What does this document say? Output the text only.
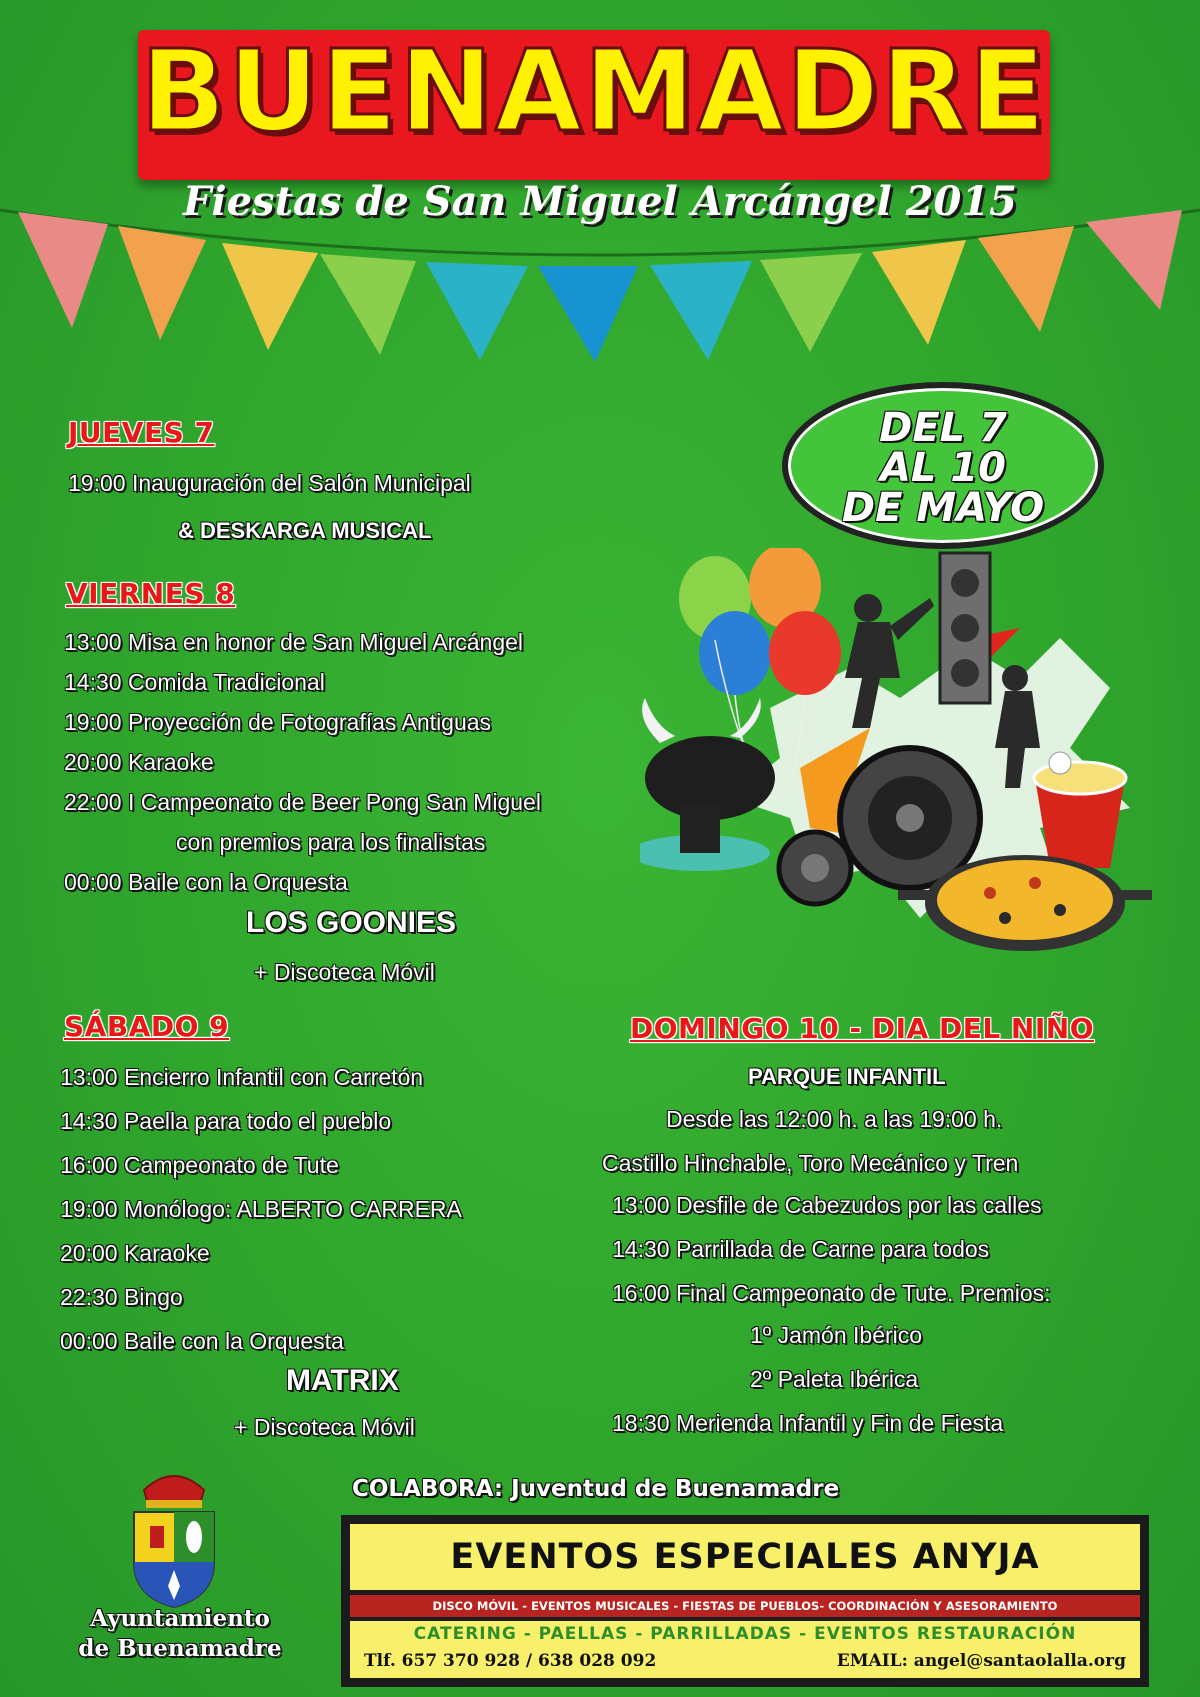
BUENAMADRE
Fiestas de San Miguel Arcángel 2015
DEL 7
AL 10
DE MAYO
JUEVES 7
19:00 Inauguración del Salón Municipal
& DESKARGA MUSICAL
VIERNES 8
13:00 Misa en honor de San Miguel Arcángel
14:30 Comida Tradicional
19:00 Proyección de Fotografías Antiguas
20:00 Karaoke
22:00 I Campeonato de Beer Pong San Miguel
con premios para los finalistas
00:00 Baile con la Orquesta
LOS GOONIES
+ Discoteca Móvil
SÁBADO 9
13:00 Encierro Infantil con Carretón
14:30 Paella para todo el pueblo
16:00 Campeonato de Tute
19:00 Monólogo: ALBERTO CARRERA
20:00 Karaoke
22:30 Bingo
00:00 Baile con la Orquesta
MATRIX
+ Discoteca Móvil
DOMINGO 10 - DIA DEL NIÑO
PARQUE INFANTIL
Desde las 12:00 h. a las 19:00 h.
Castillo Hinchable, Toro Mecánico y Tren
13:00 Desfile de Cabezudos por las calles
14:30 Parrillada de Carne para todos
16:00 Final Campeonato de Tute. Premios:
1º Jamón Ibérico
2º Paleta Ibérica
18:30 Merienda Infantil y Fin de Fiesta
COLABORA: Juventud de Buenamadre
Ayuntamiento
de Buenamadre
EVENTOS ESPECIALES ANYJA
DISCO MÓVIL - EVENTOS MUSICALES - FIESTAS DE PUEBLOS- COORDINACIÓN Y ASESORAMIENTO
CATERING - PAELLAS - PARRILLADAS - EVENTOS RESTAURACIÓN
Tlf. 657 370 928 / 638 028 092	EMAIL: angel@santaolalla.org
